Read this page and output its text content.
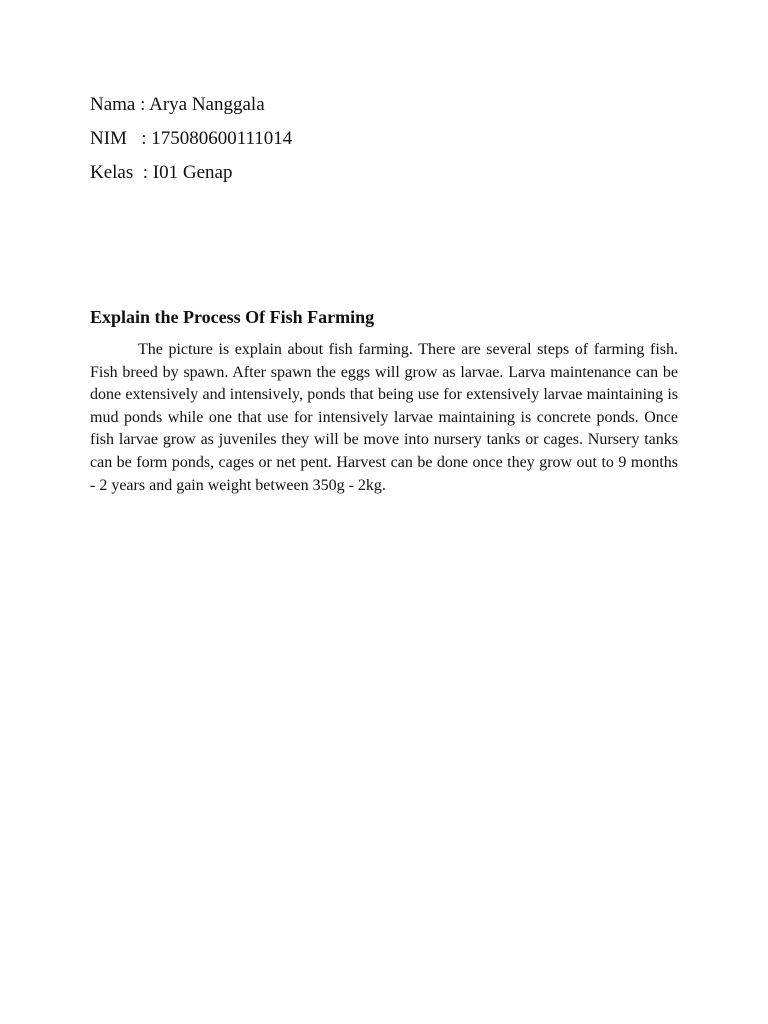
Nama : Arya Nanggala
NIM   : 175080600111014
Kelas  : I01 Genap
Explain the Process Of Fish Farming

The picture is explain about fish farming. There are several steps of farming fish. Fish breed by spawn. After spawn the eggs will grow as larvae. Larva maintenance can be done extensively and intensively, ponds that being use for extensively larvae maintaining is mud ponds while one that use for intensively larvae maintaining is concrete ponds. Once fish larvae grow as juveniles they will be move into nursery tanks or cages. Nursery tanks can be form ponds, cages or net pent. Harvest can be done once they grow out to 9 months - 2 years and gain weight between 350g - 2kg.
